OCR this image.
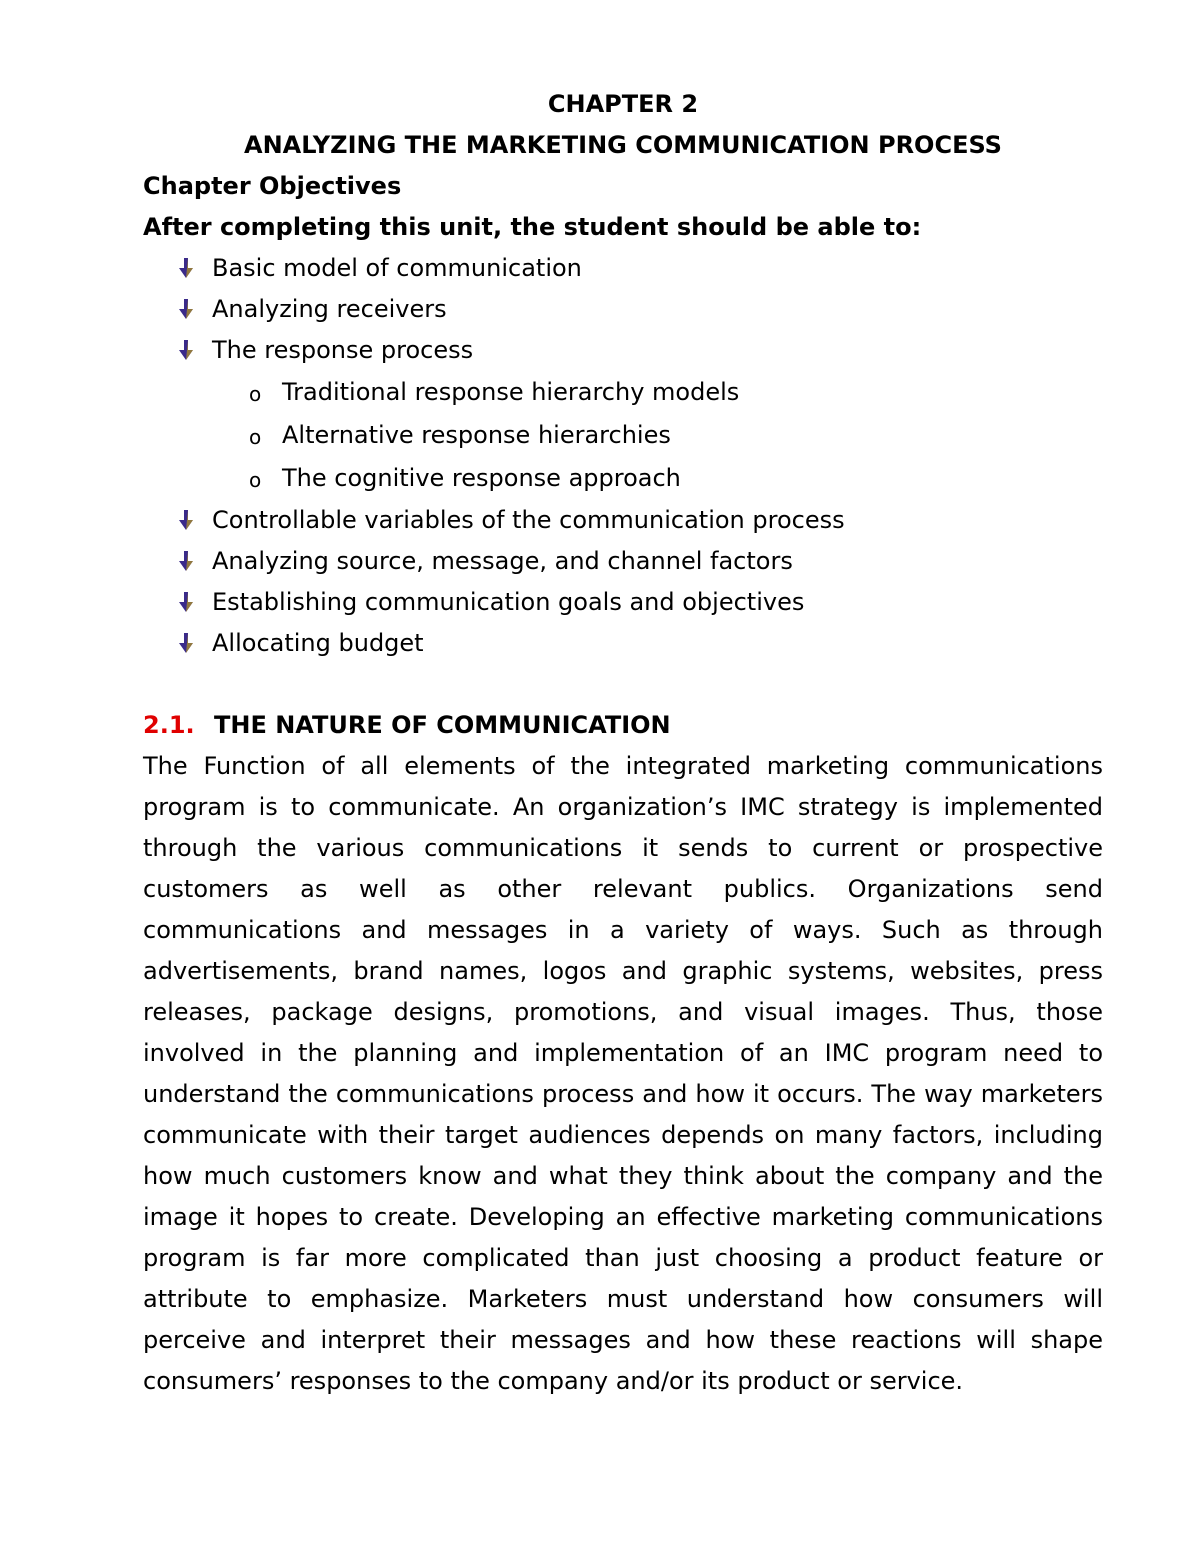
CHAPTER 2
ANALYZING THE MARKETING COMMUNICATION PROCESS
Chapter Objectives
After completing this unit, the student should be able to:
Basic model of communication
Analyzing receivers
The response process
o Traditional response hierarchy models
o Alternative response hierarchies
o The cognitive response approach
Controllable variables of the communication process
Analyzing source, message, and channel factors
Establishing communication goals and objectives
Allocating budget
2.1. THE NATURE OF COMMUNICATION

The Function of all elements of the integrated marketing communications program is to communicate. An organization’s IMC strategy is implemented through the various communications it sends to current or prospective customers as well as other relevant publics. Organizations send communications and messages in a variety of ways. Such as through advertisements, brand names, logos and graphic systems, websites, press releases, package designs, promotions, and visual images. Thus, those involved in the planning and implementation of an IMC program need to understand the communications process and how it occurs. The way marketers communicate with their target audiences depends on many factors, including how much customers know and what they think about the company and the image it hopes to create. Developing an effective marketing communications program is far more complicated than just choosing a product feature or attribute to emphasize. Marketers must understand how consumers will perceive and interpret their messages and how these reactions will shape consumers’ responses to the company and/or its product or service.
